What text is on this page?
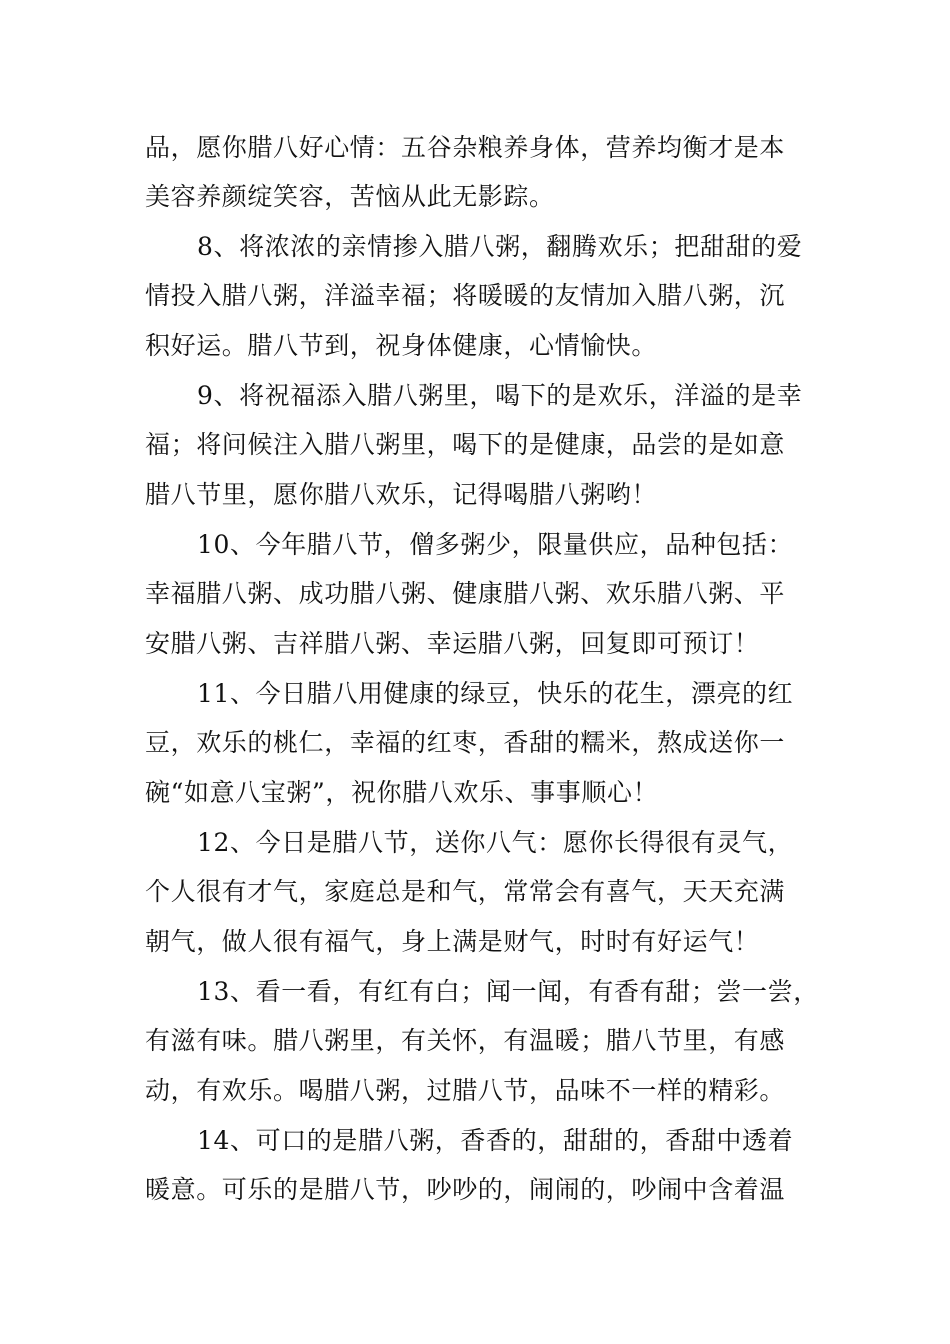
品，愿你腊八好心情：五谷杂粮养身体，营养均衡才是本
美容养颜绽笑容，苦恼从此无影踪。
8、将浓浓的亲情掺入腊八粥，翻腾欢乐；把甜甜的爱
情投入腊八粥，洋溢幸福；将暖暖的友情加入腊八粥，沉
积好运。腊八节到，祝身体健康，心情愉快。
9、将祝福添入腊八粥里，喝下的是欢乐，洋溢的是幸
福；将问候注入腊八粥里，喝下的是健康，品尝的是如意
腊八节里，愿你腊八欢乐，记得喝腊八粥哟！
10、今年腊八节，僧多粥少，限量供应，品种包括：
幸福腊八粥、成功腊八粥、健康腊八粥、欢乐腊八粥、平
安腊八粥、吉祥腊八粥、幸运腊八粥，回复即可预订！
11、今日腊八用健康的绿豆，快乐的花生，漂亮的红
豆，欢乐的桃仁，幸福的红枣，香甜的糯米，熬成送你一
碗“如意八宝粥”，祝你腊八欢乐、事事顺心！
12、今日是腊八节，送你八气：愿你长得很有灵气，
个人很有才气，家庭总是和气，常常会有喜气，天天充满
朝气，做人很有福气，身上满是财气，时时有好运气！
13、看一看，有红有白；闻一闻，有香有甜；尝一尝，
有滋有味。腊八粥里，有关怀，有温暖；腊八节里，有感
动，有欢乐。喝腊八粥，过腊八节，品味不一样的精彩。
14、可口的是腊八粥，香香的，甜甜的，香甜中透着
暖意。可乐的是腊八节，吵吵的，闹闹的，吵闹中含着温
